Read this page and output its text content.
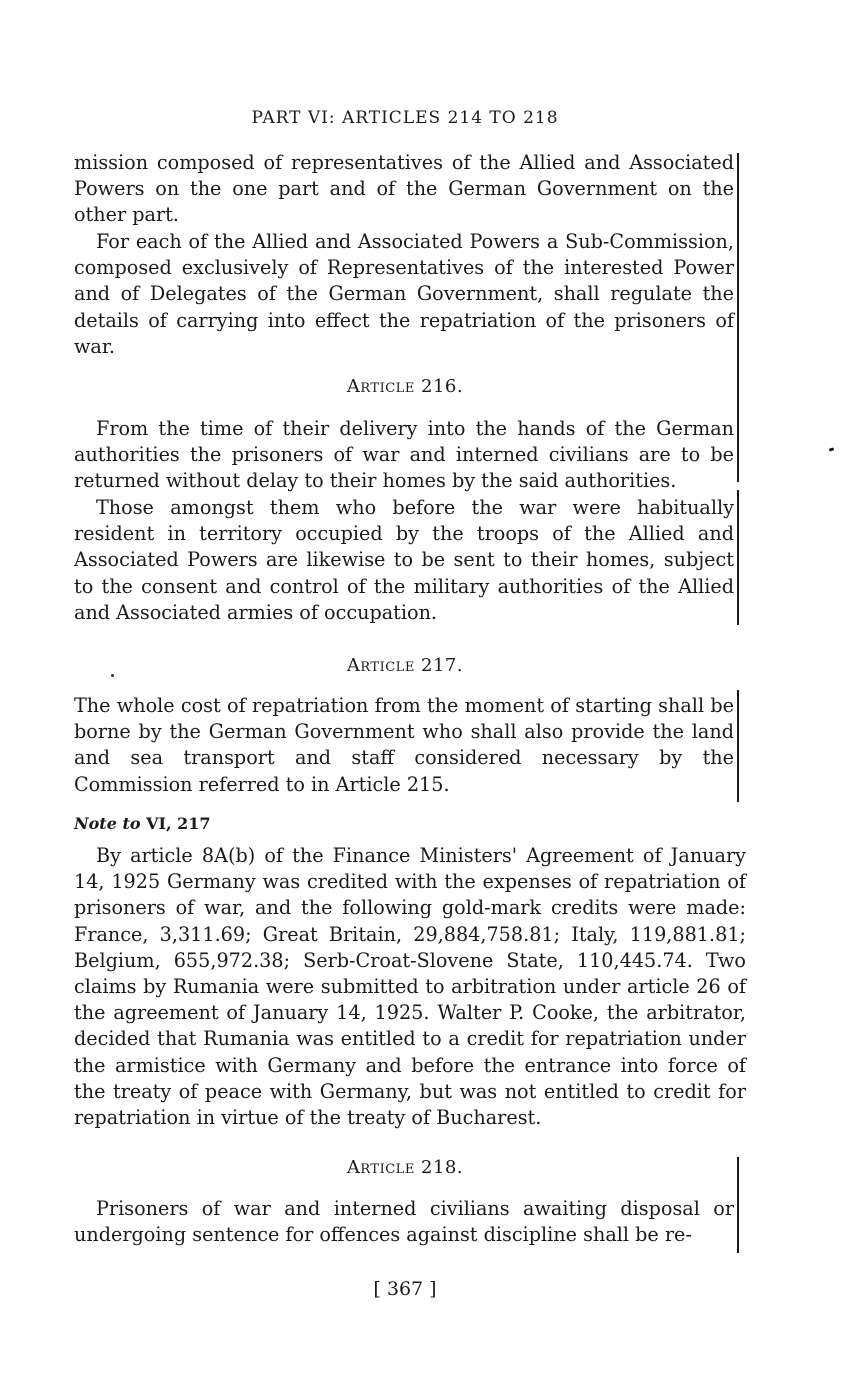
PART VI: ARTICLES 214 TO 218

mission composed of representatives of the Allied and Associated Powers on the one part and of the German Government on the other part.

For each of the Allied and Associated Powers a Sub-Commission, composed exclusively of Representatives of the interested Power and of Delegates of the German Government, shall regulate the details of carrying into effect the repatriation of the prisoners of war.

Article 216.

From the time of their delivery into the hands of the German authorities the prisoners of war and interned civilians are to be returned without delay to their homes by the said authorities.

Those amongst them who before the war were habitually resident in territory occupied by the troops of the Allied and Associated Powers are likewise to be sent to their homes, subject to the consent and control of the military authorities of the Allied and Associated armies of occupation.

Article 217.

The whole cost of repatriation from the moment of starting shall be borne by the German Government who shall also provide the land and sea transport and staff considered necessary by the Commission referred to in Article 215.

Note to VI, 217

By article 8A(b) of the Finance Ministers' Agreement of January 14, 1925 Germany was credited with the expenses of repatriation of prisoners of war, and the following gold-mark credits were made: France, 3,311.69; Great Britain, 29,884,758.81; Italy, 119,881.81; Belgium, 655,972.38; Serb-Croat-Slovene State, 110,445.74. Two claims by Rumania were submitted to arbitration under article 26 of the agreement of January 14, 1925. Walter P. Cooke, the arbitrator, decided that Rumania was entitled to a credit for repatriation under the armistice with Germany and before the entrance into force of the treaty of peace with Germany, but was not entitled to credit for repatriation in virtue of the treaty of Bucharest.

Article 218.

Prisoners of war and interned civilians awaiting disposal or undergoing sentence for offences against discipline shall be re-

[ 367 ]
